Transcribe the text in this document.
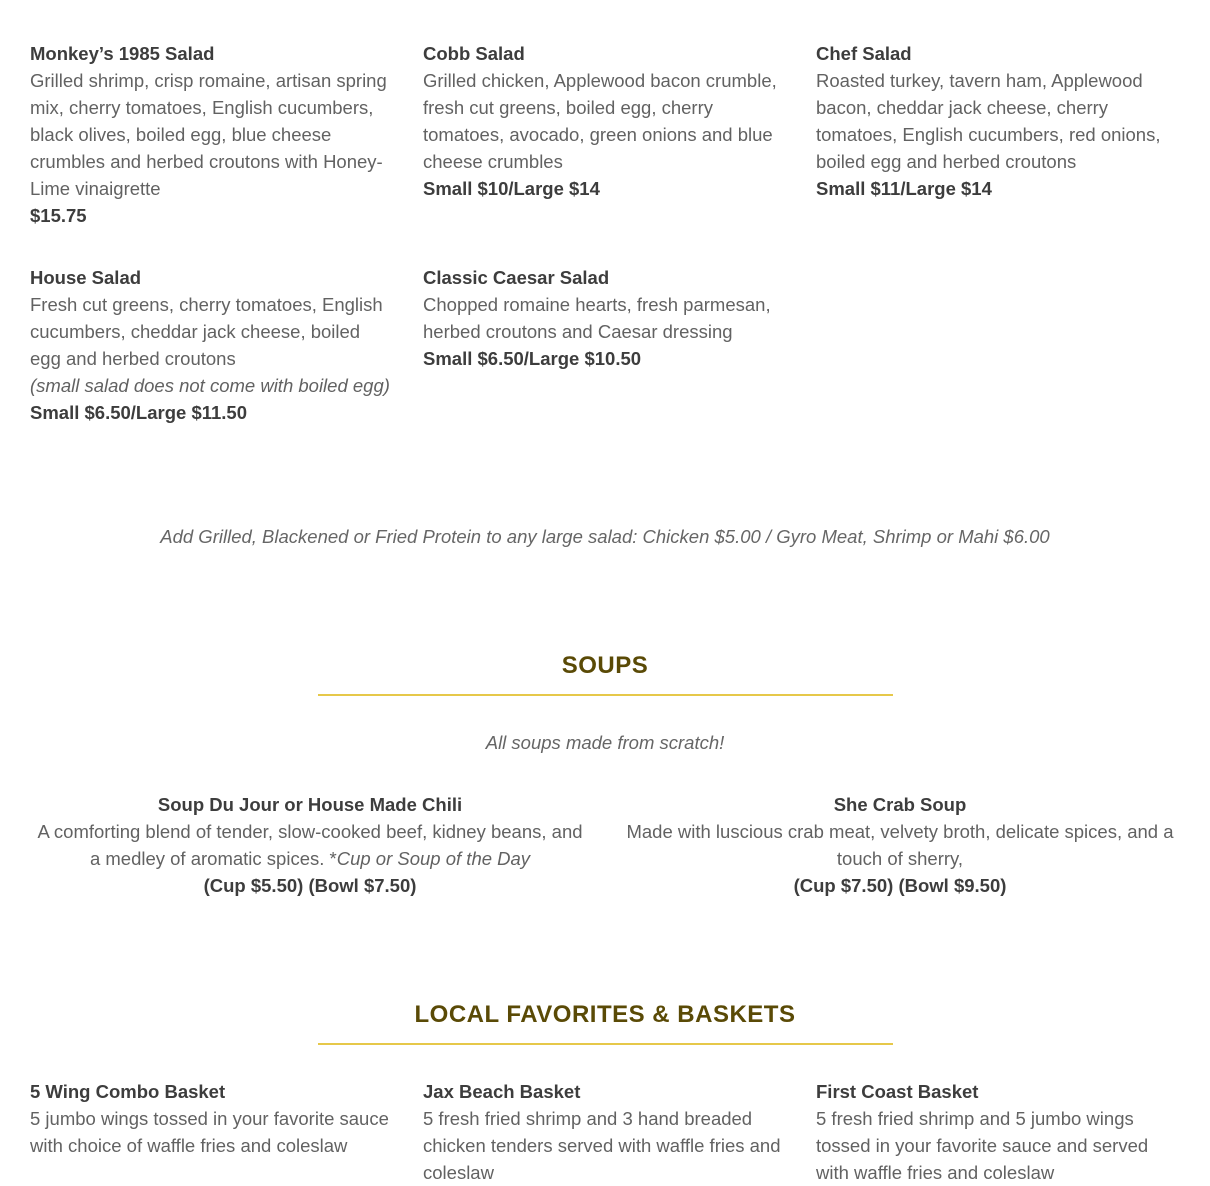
Monkey’s 1985 Salad
Grilled shrimp, crisp romaine, artisan spring mix, cherry tomatoes, English cucumbers, black olives, boiled egg, blue cheese crumbles and herbed croutons with Honey-Lime vinaigrette
$15.75
Cobb Salad
Grilled chicken, Applewood bacon crumble, fresh cut greens, boiled egg, cherry tomatoes, avocado, green onions and blue cheese crumbles
Small $10/Large $14
Chef Salad
Roasted turkey, tavern ham, Applewood bacon, cheddar jack cheese, cherry tomatoes, English cucumbers, red onions, boiled egg and herbed croutons
Small $11/Large $14
House Salad
Fresh cut greens, cherry tomatoes, English cucumbers, cheddar jack cheese, boiled egg and herbed croutons
(small salad does not come with boiled egg)
Small $6.50/Large $11.50
Classic Caesar Salad
Chopped romaine hearts, fresh parmesan, herbed croutons and Caesar dressing
Small $6.50/Large $10.50
Add Grilled, Blackened or Fried Protein to any large salad: Chicken $5.00 / Gyro Meat, Shrimp or Mahi $6.00
SOUPS
All soups made from scratch!
Soup Du Jour or House Made Chili
A comforting blend of tender, slow-cooked beef, kidney beans, and a medley of aromatic spices. *Cup or Soup of the Day
(Cup $5.50) (Bowl $7.50)
She Crab Soup
Made with luscious crab meat, velvety broth, delicate spices, and a touch of sherry,
(Cup $7.50) (Bowl $9.50)
LOCAL FAVORITES & BASKETS
5 Wing Combo Basket
5 jumbo wings tossed in your favorite sauce with choice of waffle fries and coleslaw
Jax Beach Basket
5 fresh fried shrimp and 3 hand breaded chicken tenders served with waffle fries and coleslaw
First Coast Basket
5 fresh fried shrimp and 5 jumbo wings tossed in your favorite sauce and served with waffle fries and coleslaw
